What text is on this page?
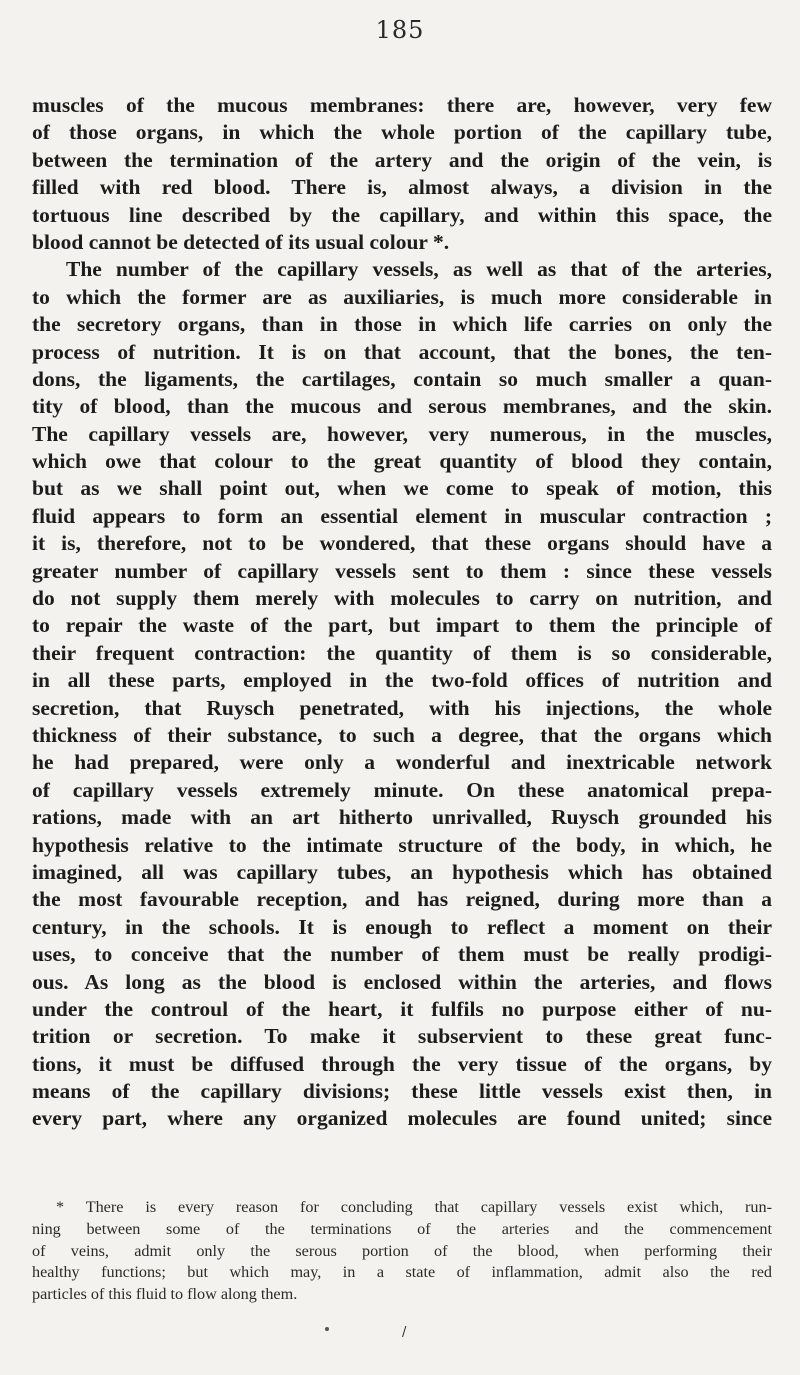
185
muscles of the mucous membranes: there are, however, very few
of those organs, in which the whole portion of the capillary tube,
between the termination of the artery and the origin of the vein, is
filled with red blood. There is, almost always, a division in the
tortuous line described by the capillary, and within this space, the
blood cannot be detected of its usual colour *.
The number of the capillary vessels, as well as that of the arteries,
to which the former are as auxiliaries, is much more considerable in
the secretory organs, than in those in which life carries on only the
process of nutrition. It is on that account, that the bones, the ten-
dons, the ligaments, the cartilages, contain so much smaller a quan-
tity of blood, than the mucous and serous membranes, and the skin.
The capillary vessels are, however, very numerous, in the muscles,
which owe that colour to the great quantity of blood they contain,
but as we shall point out, when we come to speak of motion, this
fluid appears to form an essential element in muscular contraction ;
it is, therefore, not to be wondered, that these organs should have a
greater number of capillary vessels sent to them : since these vessels
do not supply them merely with molecules to carry on nutrition, and
to repair the waste of the part, but impart to them the principle of
their frequent contraction: the quantity of them is so considerable,
in all these parts, employed in the two-fold offices of nutrition and
secretion, that Ruysch penetrated, with his injections, the whole
thickness of their substance, to such a degree, that the organs which
he had prepared, were only a wonderful and inextricable network
of capillary vessels extremely minute. On these anatomical prepa-
rations, made with an art hitherto unrivalled, Ruysch grounded his
hypothesis relative to the intimate structure of the body, in which, he
imagined, all was capillary tubes, an hypothesis which has obtained
the most favourable reception, and has reigned, during more than a
century, in the schools. It is enough to reflect a moment on their
uses, to conceive that the number of them must be really prodigi-
ous. As long as the blood is enclosed within the arteries, and flows
under the controul of the heart, it fulfils no purpose either of nu-
trition or secretion. To make it subservient to these great func-
tions, it must be diffused through the very tissue of the organs, by
means of the capillary divisions; these little vessels exist then, in
every part, where any organized molecules are found united; since
* There is every reason for concluding that capillary vessels exist which, run-
ning between some of the terminations of the arteries and the commencement
of veins, admit only the serous portion of the blood, when performing their
healthy functions; but which may, in a state of inflammation, admit also the red
particles of this fluid to flow along them.
/
